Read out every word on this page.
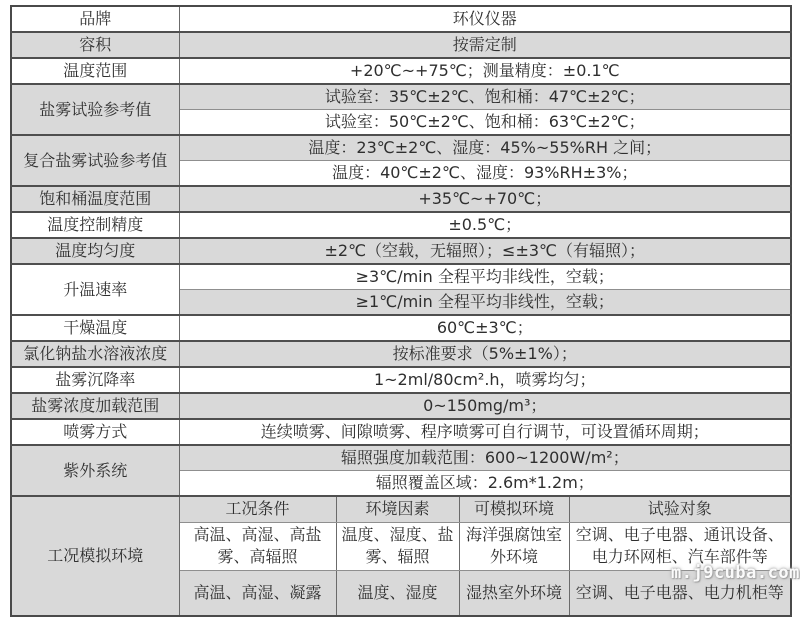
品牌	环仪仪器			
容积	按需定制			
温度范围	+20℃~+75℃；测量精度：±0.1℃			
盐雾试验参考值	试验室：35℃±2℃、饱和桶：47℃±2℃；			
	试验室：50℃±2℃、饱和桶：63℃±2℃；			
复合盐雾试验参考值	温度：23℃±2℃、湿度：45%~55%RH 之间；			
	温度：40℃±2℃、湿度：93%RH±3%；			
饱和桶温度范围	+35℃~+70℃；			
温度控制精度	±0.5℃；			
温度均匀度	±2℃（空载，无辐照）；≤±3℃（有辐照）；			
升温速率	≥3℃/min 全程平均非线性，空载；			
	≥1℃/min 全程平均非线性，空载；			
干燥温度	60℃±3℃；			
氯化钠盐水溶液浓度	按标准要求（5%±1%）；			
盐雾沉降率	1~2ml/80cm².h，喷雾均匀；			
盐雾浓度加载范围	0~150mg/m³；			
喷雾方式	连续喷雾、间隙喷雾、程序喷雾可自行调节，可设置循环周期；			
紫外系统	辐照强度加载范围：600~1200W/m²；			
	辐照覆盖区域：2.6m*1.2m；			
工况模拟环境	工况条件	环境因素	可模拟环境	试验对象
	高温、高湿、高盐雾、高辐照	温度、湿度、盐雾、辐照	海洋强腐蚀室外环境	空调、电子电器、通讯设备、电力环网柜、汽车部件等
	高温、高湿、凝露	温度、湿度	湿热室外环境	空调、电子电器、电力机柜等
m.j9cuba.com
